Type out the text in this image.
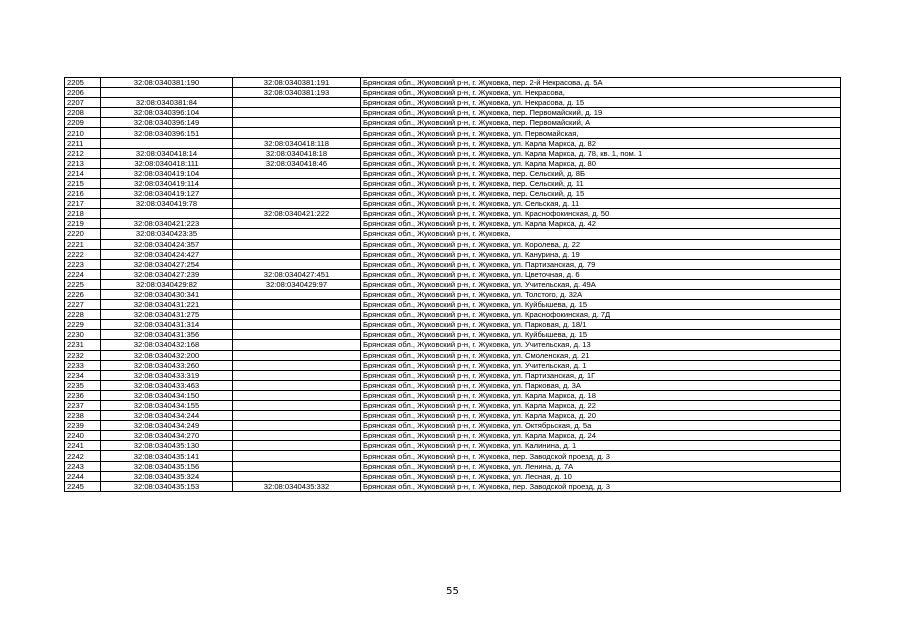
2205	32:08:0340381:190	32:08:0340381:191	Брянская обл., Жуковский р-н, г. Жуковка, пер. 2-й Некрасова, д. 5А
2206		32:08:0340381:193	Брянская обл., Жуковский р-н, г. Жуковка, ул. Некрасова,
2207	32:08:0340381:84		Брянская обл., Жуковский р-н, г. Жуковка, ул. Некрасова, д. 15
2208	32:08:0340396:104		Брянская обл., Жуковский р-н, г. Жуковка, пер. Первомайский, д. 19
2209	32:08:0340396:149		Брянская обл., Жуковский р-н, г. Жуковка, пер. Первомайский, А
2210	32:08:0340396:151		Брянская обл., Жуковский р-н, г. Жуковка, ул. Первомайская,
2211		32:08:0340418:118	Брянская обл., Жуковский р-н, г. Жуковка, ул. Карла Маркса, д. 82
2212	32:08:0340418:14	32:08:0340418:18	Брянская обл., Жуковский р-н, г. Жуковка, ул. Карла Маркса, д. 78, кв. 1, пом. 1
2213	32:08:0340418:111	32:08:0340418:46	Брянская обл., Жуковский р-н, г. Жуковка, ул. Карла Маркса, д. 80
2214	32:08:0340419:104		Брянская обл., Жуковский р-н, г. Жуковка, пер. Сельский, д. 8Б
2215	32:08:0340419:114		Брянская обл., Жуковский р-н, г. Жуковка, пер. Сельский, д. 11
2216	32:08:0340419:127		Брянская обл., Жуковский р-н, г. Жуковка, пер. Сельский, д. 15
2217	32:08:0340419:78		Брянская обл., Жуковский р-н, г. Жуковка, ул. Сельская, д. 11
2218		32:08:0340421:222	Брянская обл., Жуковский р-н, г. Жуковка, ул. Краснофокинская, д. 50
2219	32:08:0340421:223		Брянская обл., Жуковский р-н, г. Жуковка, ул. Карла Маркса, д. 42
2220	32:08:0340423:35		Брянская обл., Жуковский р-н, г. Жуковка,
2221	32:08:0340424:357		Брянская обл., Жуковский р-н, г. Жуковка, ул. Королева, д. 22
2222	32:08:0340424:427		Брянская обл., Жуковский р-н, г. Жуковка, ул. Канурина, д. 19
2223	32:08:0340427:254		Брянская обл., Жуковский р-н, г. Жуковка, ул. Партизанская, д. 79
2224	32:08:0340427:239	32:08:0340427:451	Брянская обл., Жуковский р-н, г. Жуковка, ул. Цветочная, д. 6
2225	32:08:0340429:82	32:08:0340429:97	Брянская обл., Жуковский р-н, г. Жуковка, ул. Учительская, д. 49А
2226	32:08:0340430:341		Брянская обл., Жуковский р-н, г. Жуковка, ул. Толстого, д. 32А
2227	32:08:0340431:221		Брянская обл., Жуковский р-н, г. Жуковка, ул. Куйбышева, д. 15
2228	32:08:0340431:275		Брянская обл., Жуковский р-н, г. Жуковка, ул. Краснофокинская, д. 7Д
2229	32:08:0340431:314		Брянская обл., Жуковский р-н, г. Жуковка, ул. Парковая, д. 18/1
2230	32:08:0340431:356		Брянская обл., Жуковский р-н, г. Жуковка, ул. Куйбышева, д. 15
2231	32:08:0340432:168		Брянская обл., Жуковский р-н, г. Жуковка, ул. Учительская, д. 13
2232	32:08:0340432:200		Брянская обл., Жуковский р-н, г. Жуковка, ул. Смоленская, д. 21
2233	32:08:0340433:260		Брянская обл., Жуковский р-н, г. Жуковка, ул. Учительская, д. 1
2234	32:08:0340433:319		Брянская обл., Жуковский р-н, г. Жуковка, ул. Партизанская, д. 1Г
2235	32:08:0340433:463		Брянская обл., Жуковский р-н, г. Жуковка, ул. Парковая, д. 3А
2236	32:08:0340434:150		Брянская обл., Жуковский р-н, г. Жуковка, ул. Карла Маркса, д. 18
2237	32:08:0340434:155		Брянская обл., Жуковский р-н, г. Жуковка, ул. Карла Маркса, д. 22
2238	32:08:0340434:244		Брянская обл., Жуковский р-н, г. Жуковка, ул. Карла Маркса, д. 20
2239	32:08:0340434:249		Брянская обл., Жуковский р-н, г. Жуковка, ул. Октябрьская, д. 5а
2240	32:08:0340434:270		Брянская обл., Жуковский р-н, г. Жуковка, ул. Карла Маркса, д. 24
2241	32:08:0340435:130		Брянская обл., Жуковский р-н, г. Жуковка, ул. Калинина, д. 1
2242	32:08:0340435:141		Брянская обл., Жуковский р-н, г. Жуковка, пер. Заводской проезд, д. 3
2243	32:08:0340435:156		Брянская обл., Жуковский р-н, г. Жуковка, ул. Ленина, д. 7А
2244	32:08:0340435:324		Брянская обл., Жуковский р-н, г. Жуковка, ул. Лесная, д. 10
2245	32:08:0340435:153	32:08:0340435:332	Брянская обл., Жуковский р-н, г. Жуковка, пер. Заводской проезд, д. 3
55
